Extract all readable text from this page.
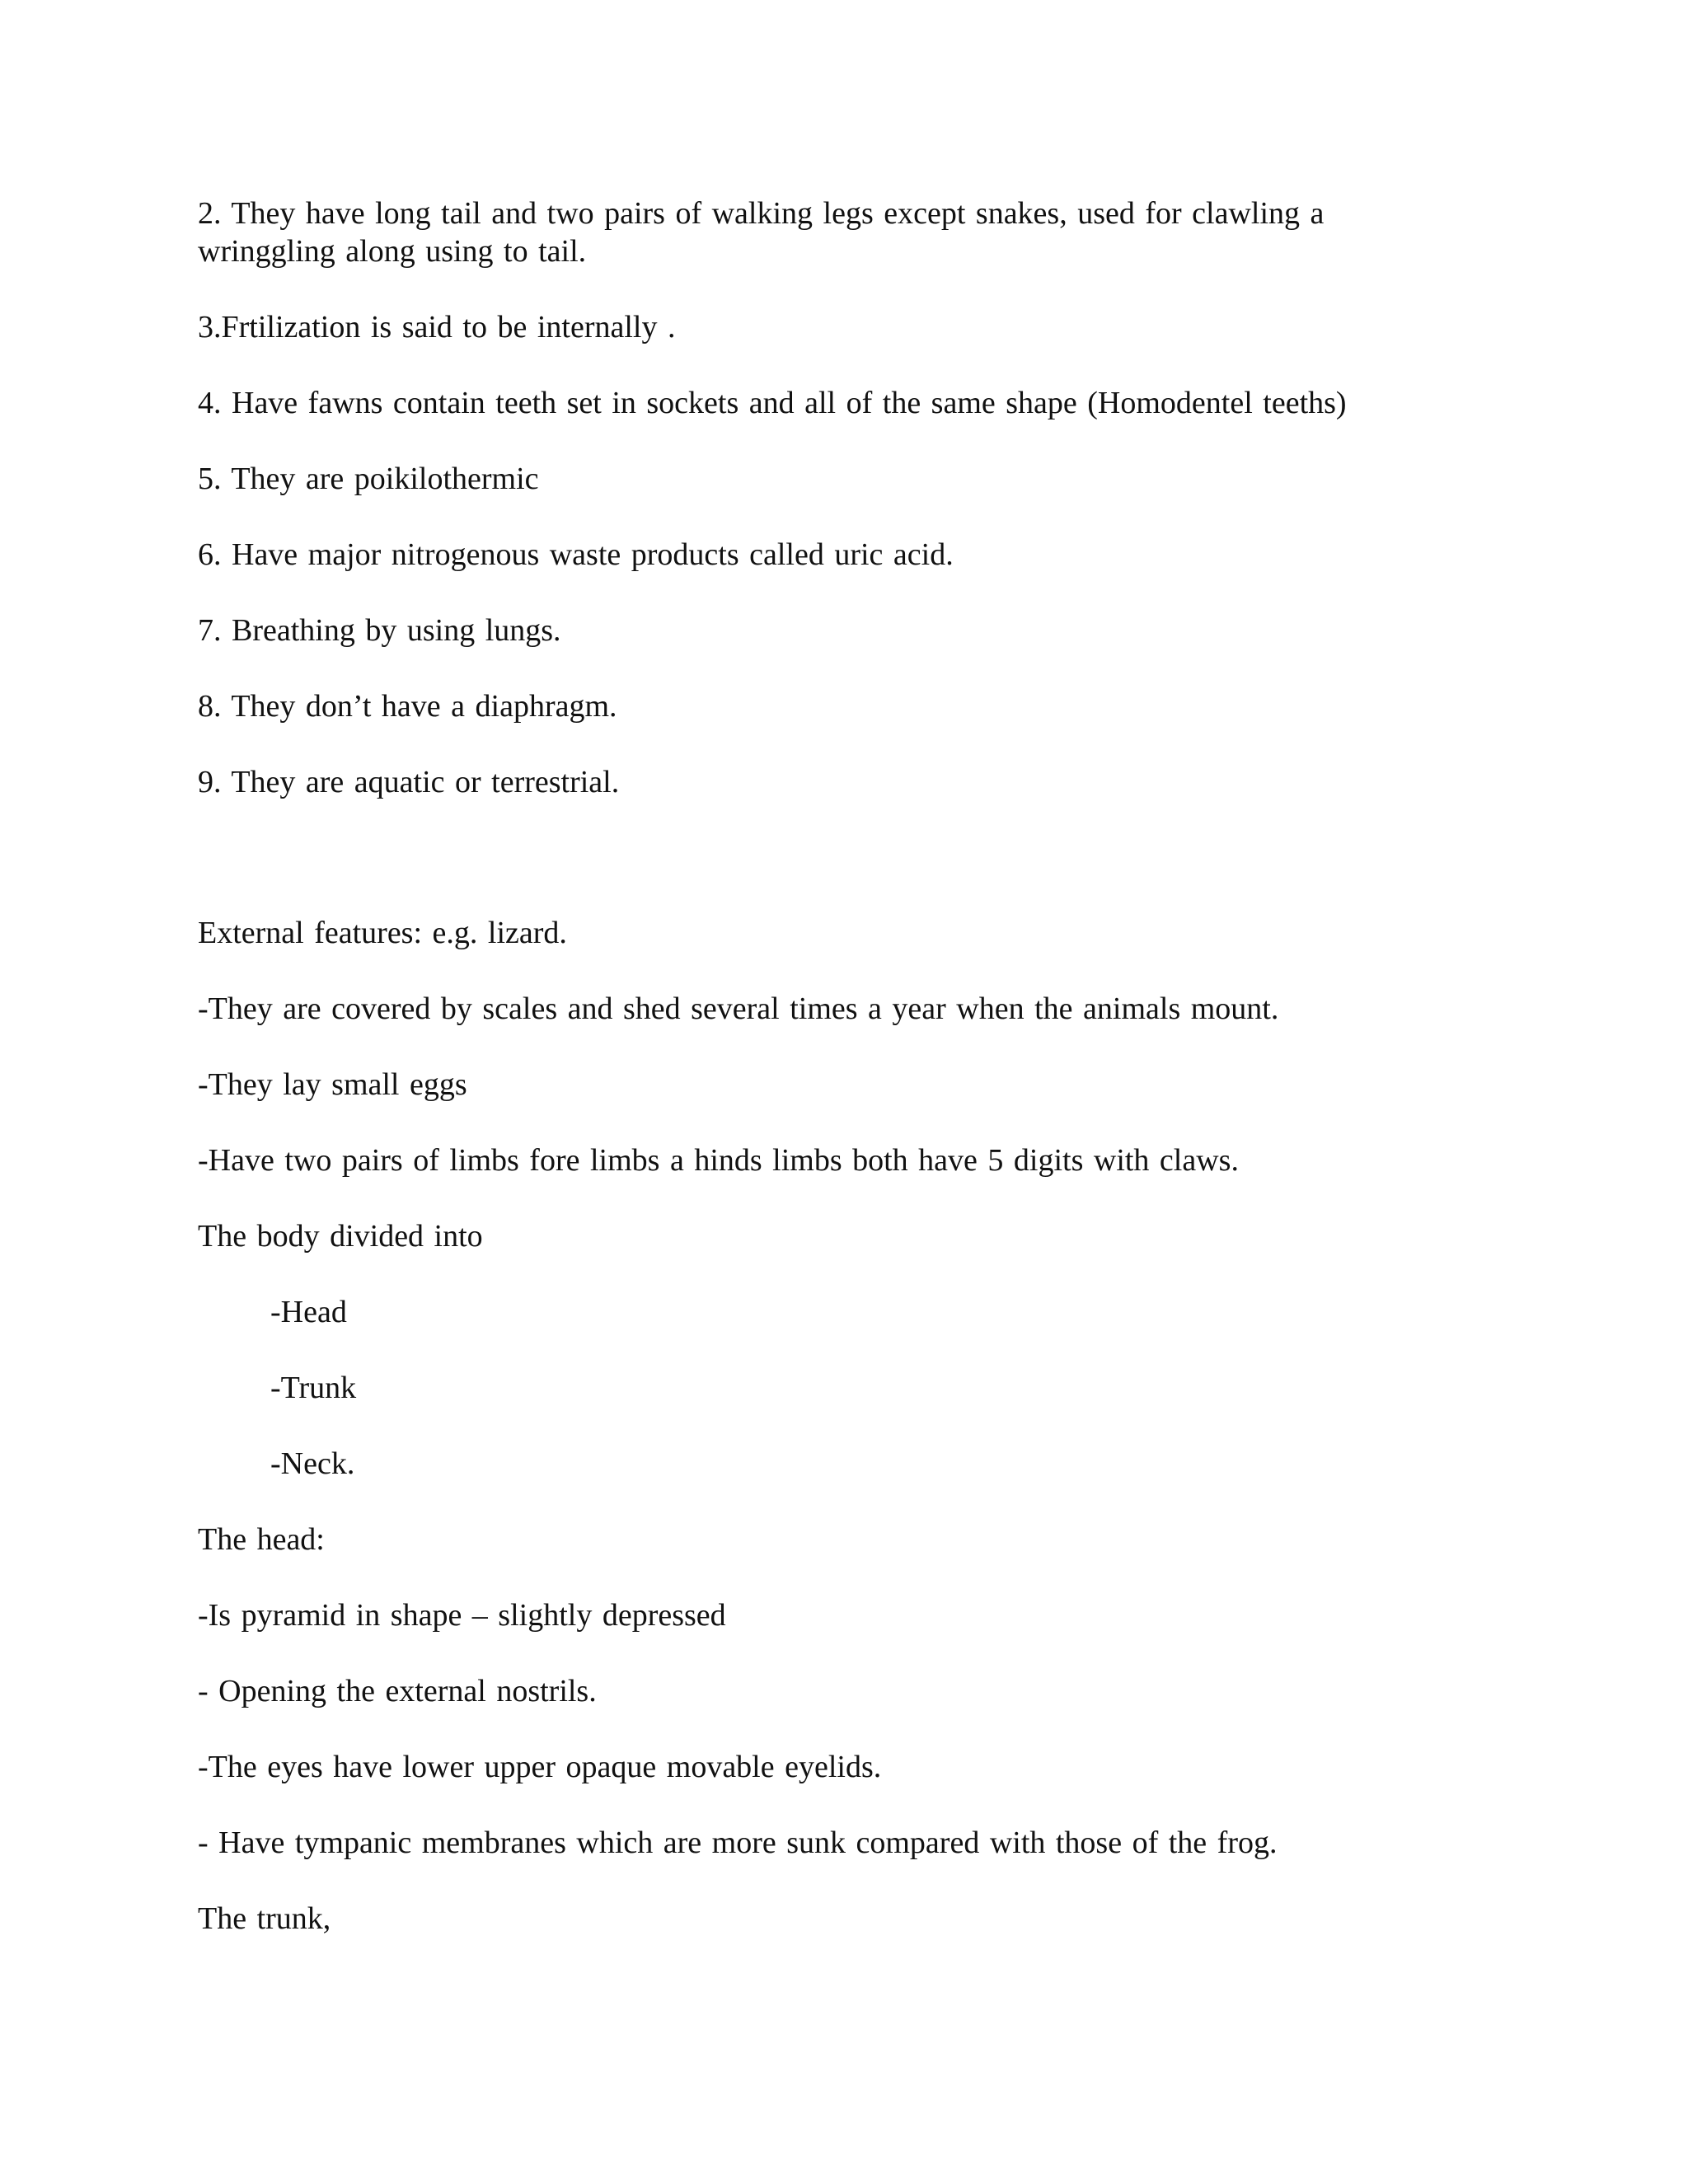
2. They have long tail and two pairs of walking legs except snakes, used for clawling a
wringgling along using to tail.
3.Frtilization is said to be internally .
4. Have fawns contain teeth set in sockets and all of the same shape (Homodentel teeths)
5. They are poikilothermic
6. Have major nitrogenous waste products called uric acid.
7. Breathing by using lungs.
8. They don’t have a diaphragm.
9. They are aquatic or terrestrial.
External features: e.g. lizard.
-They are covered by scales and shed several times a year when the animals mount.
-They lay small eggs
-Have two pairs of limbs fore limbs a hinds limbs both have 5 digits with claws.
The body divided into
-Head
-Trunk
-Neck.
The head:
-Is pyramid in shape – slightly depressed
- Opening the external nostrils.
-The eyes have lower upper opaque movable eyelids.
- Have tympanic membranes which are more sunk compared with those of the frog.
The trunk,
